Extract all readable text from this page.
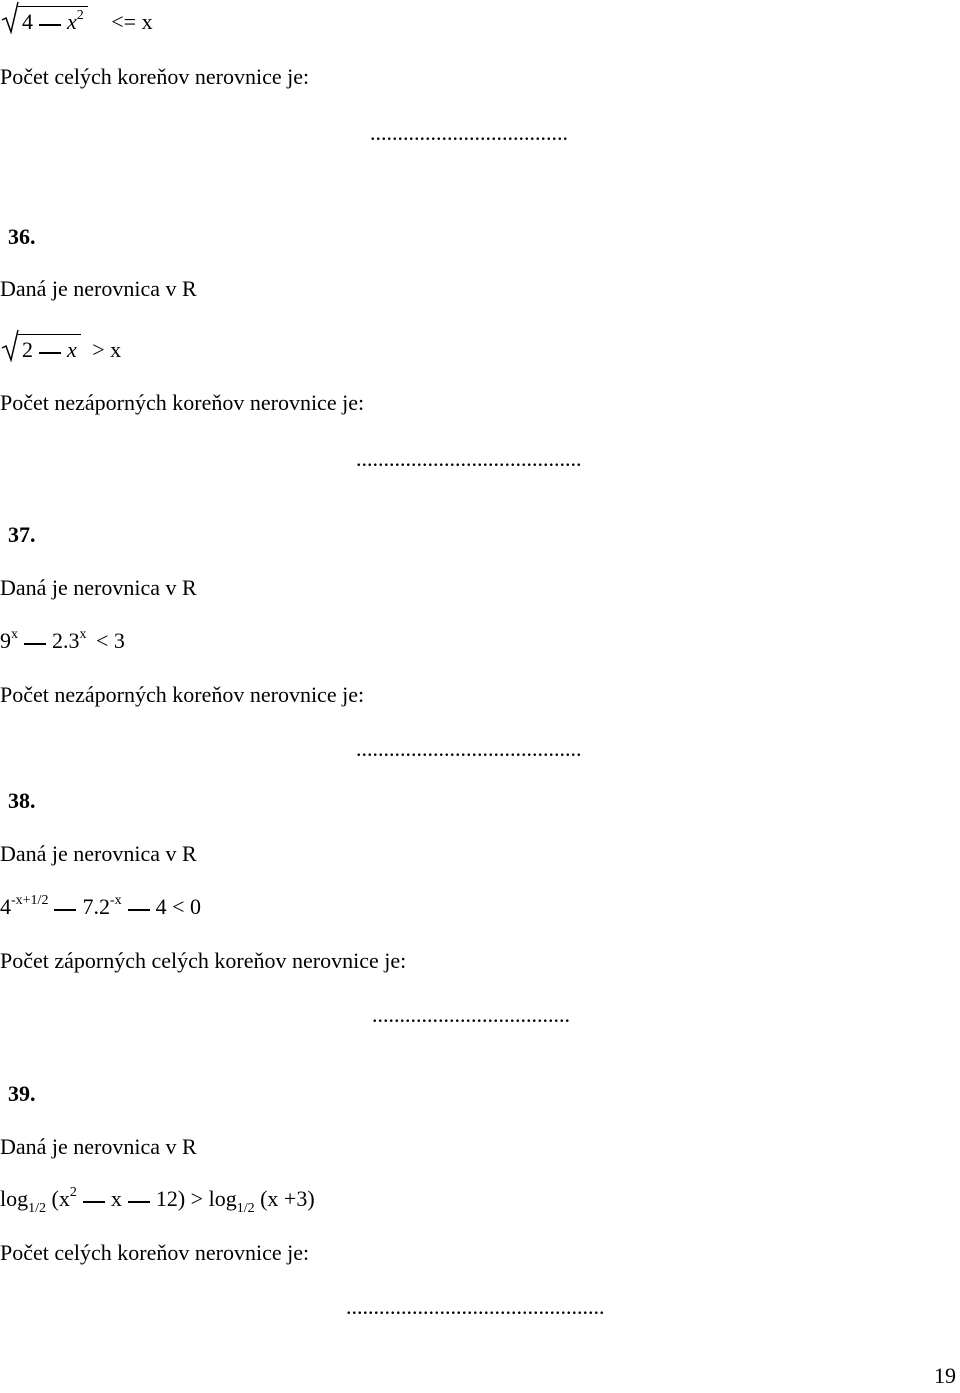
4 $x^2 <= x$
Počet celých koreňov nerovnice je:
....................................
36.
Daná je nerovnica v R
2 x > x
Počet nezáporných koreňov nerovnice je:
.........................................
37.
Daná je nerovnica v R
9$^x$ $2.3^x < 3$
Počet nezáporných koreňov nerovnice je:
.........................................
38.
Daná je nerovnica v R
$4^{-x+1/2}$ $7.2^{-x}$ 4 < 0
Počet záporných celých koreňov nerovnice je:
....................................
39.
Daná je nerovnica v R
$\log_{1/2} (x^2$ x $12) > \log_{1/2} (x +3)$
Počet celých koreňov nerovnice je:
...............................................
19
